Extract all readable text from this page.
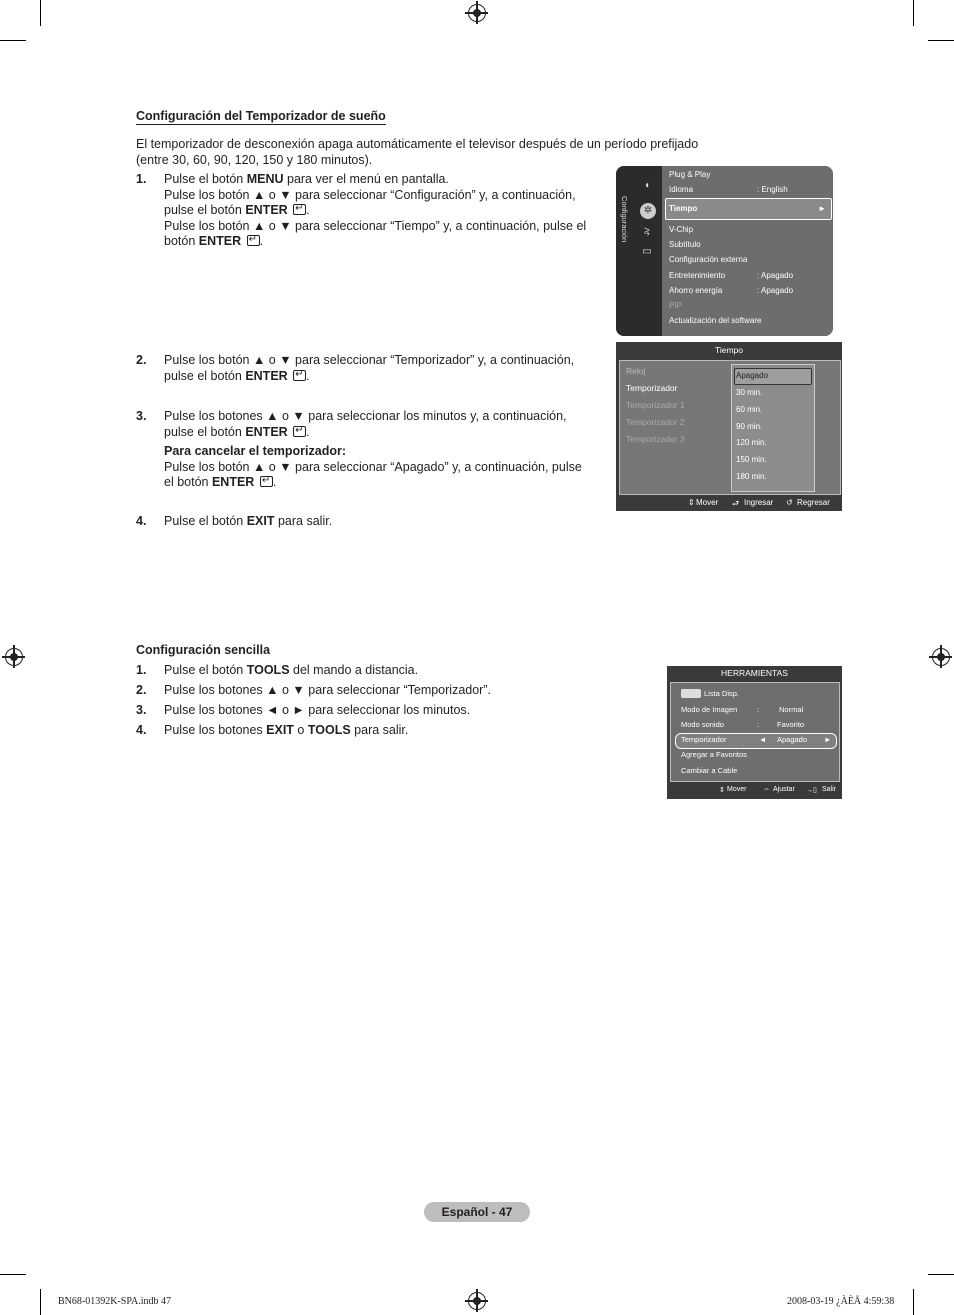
Configuración del Temporizador de sueño
El temporizador de desconexión apaga automáticamente el televisor después de un período prefijado
(entre 30, 60, 90, 120, 150 y 180 minutos).
1. Pulse el botón MENU para ver el menú en pantalla.
Pulse los botón ▲ o ▼ para seleccionar “Configuración” y, a continuación,
pulse el botón ENTER ↵ .
Pulse los botón ▲ o ▼ para seleccionar “Tiempo” y, a continuación, pulse el
botón ENTER ↵ .
2. Pulse los botón ▲ o ▼ para seleccionar “Temporizador” y, a continuación,
pulse el botón ENTER ↵ .
3. Pulse los botones ▲ o ▼ para seleccionar los minutos y, a continuación,
pulse el botón ENTER ↵ .
Para cancelar el temporizador:
Pulse los botón ▲ o ▼ para seleccionar “Apagado” y, a continuación, pulse
el botón ENTER ↵ .
4. Pulse el botón EXIT para salir.
Configuración
◖
✲
⥸
▭
Plug & Play
Idioma	: English
Tiempo	►
V-Chip
Subtítulo
Configuración externa
Entretenimiento	: Apagado
Ahorro energía	: Apagado
PIP
Actualización del software
Tiempo
Reloj
Temporizador
Temporizador 1
Temporizador 2
Temporizador 3
Apagado
30 min.
60 min.
90 min.
120 min.
150 min.
180 min.
⇕ Mover ⮐ Ingresar ↺ Regresar
Configuración sencilla
1. Pulse el botón TOOLS del mando a distancia.
2. Pulse los botones ▲ o ▼ para seleccionar “Temporizador”.
3. Pulse los botones ◄ o ► para seleccionar los minutos.
4. Pulse los botones EXIT o TOOLS para salir.
HERRAMIENTAS
Lista Disp.
Modo de Imagen	:	Normal
Modo sonido	: Favorito
Temporizador	◄ Apagado ►
Agregar a Favoritos
Cambiar a Cable
⇕ Mover ⇔ Ajustar →▯ Salir
Español - 47
BN68-01392K-SPA.indb 47	2008-03-19 ¿ÀÈÄ 4:59:38
